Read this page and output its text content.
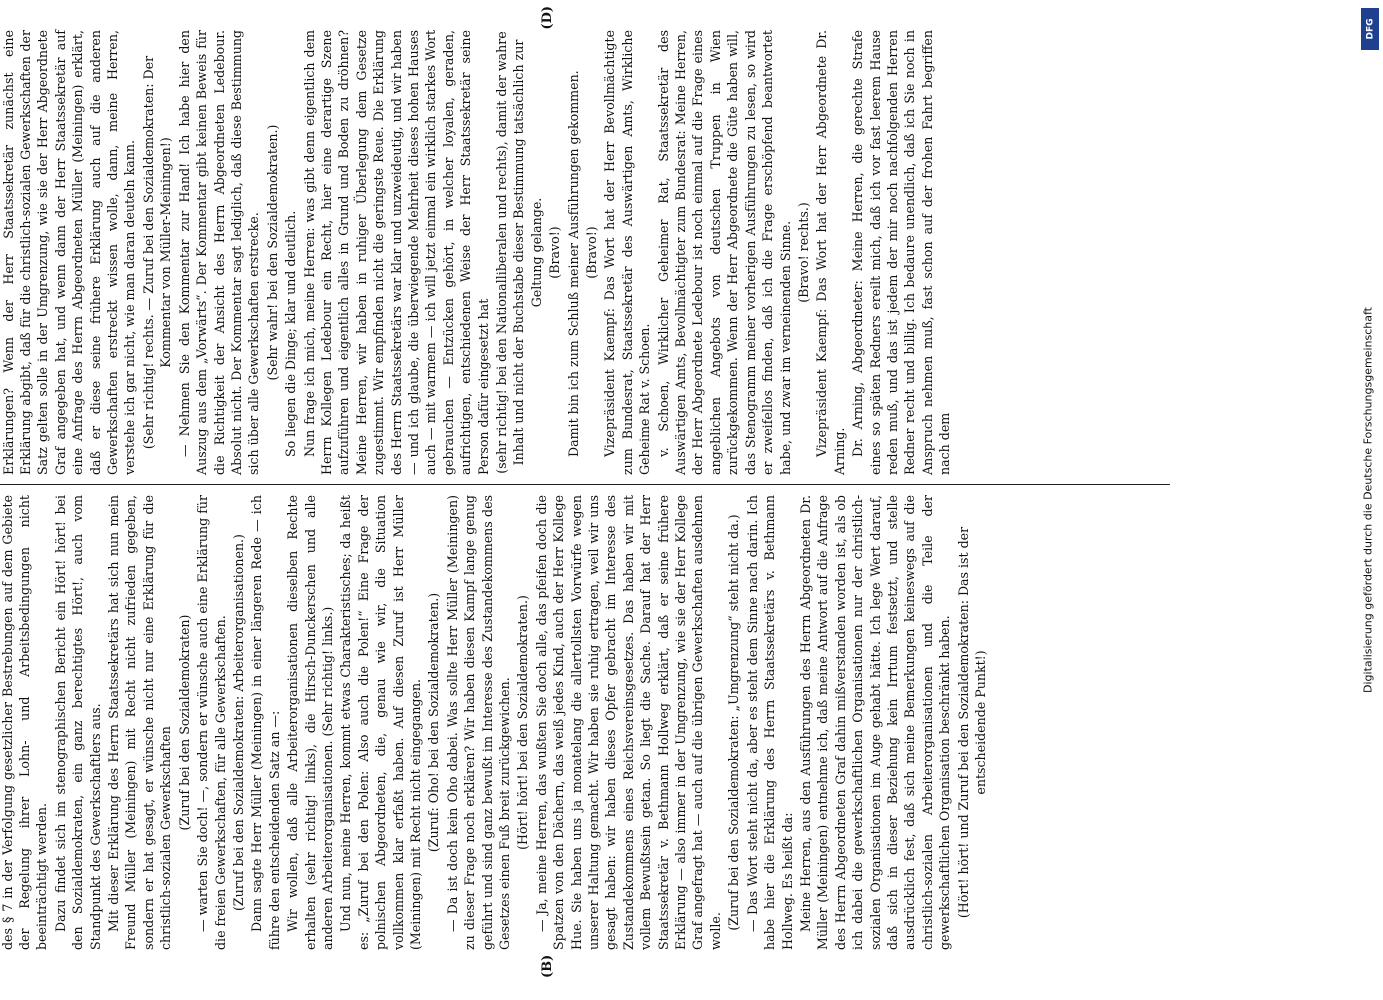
(B)
(D)

des § 7 in der Verfolgung gesetzlicher Bestrebungen auf dem Gebiete der Regelung ihrer Lohn- und Arbeitsbedingungen nicht beeinträchtigt werden. Dazu findet sich im stenographischen Bericht ein Hört! hört! bei den Sozialdemokraten, ein ganz berechtigtes Hört!, auch vom Standpunkt des Gewerkschaftlers aus. Mit dieser Erklärung des Herrn Staatssekretärs hat sich nun mein Freund Müller (Meiningen) mit Recht nicht zufrieden gegeben, sondern er hat gesagt, er wünsche nicht nur eine Erklärung für die christlich-sozialen Gewerkschaften

(Zuruf bei den Sozialdemokraten) — warten Sie doch! —, sondern er wünsche auch eine Erklärung für die freien Gewerkschaften, für alle Gewerkschaften. (Zuruf bei den Sozialdemokraten: Arbeiterorganisationen.) Dann sagte Herr Müller (Meiningen) in einer längeren Rede — ich führe den entscheidenden Satz an —: Wir wollen, daß alle Arbeiterorganisationen dieselben Rechte erhalten (sehr richtig! links), die Hirsch-Dunckerschen und alle anderen Arbeiterorganisationen. (Sehr richtig! links.) Und nun, meine Herren, kommt etwas Charakteristisches; da heißt es: „Zuruf bei den Polen: Also auch die Polen!“ Eine Frage der polnischen Abgeordneten, die, genau wie wir, die Situation vollkommen klar erfaßt haben. Auf diesen Zuruf ist Herr Müller (Meiningen) mit Recht nicht eingegangen. (Zuruf: Oho! bei den Sozialdemokraten.) — Da ist doch kein Oho dabei. Was sollte Herr Müller (Meiningen) zu dieser Frage noch erklären? Wir haben diesen Kampf lange genug geführt und sind ganz bewußt im Interesse des Zustandekommens des Gesetzes einen Fuß breit zurückgewichen. (Hört! hört! bei den Sozialdemokraten.) — Ja, meine Herren, das wußten Sie doch alle, das pfeifen doch die Spatzen von den Dächern, das weiß jedes Kind, auch der Herr Kollege Hue. Sie haben uns ja monatelang die allertollsten Vorwürfe wegen unserer Haltung gemacht. Wir haben sie ruhig ertragen, weil wir uns gesagt haben: wir haben dieses Opfer gebracht im Interesse des Zustandekommens eines Reichsvereinsgesetzes. Das haben wir mit vollem Bewußtsein getan. So liegt die Sache. Darauf hat der Herr Staatssekretär v. Bethmann Hollweg erklärt, daß er seine frühere Erklärung — also immer in der Umgrenzung, wie sie der Herr Kollege Graf angefragt hat — auch auf die übrigen Gewerkschaften ausdehnen wolle.

(Zuruf bei den Sozialdemokraten: „Umgrenzung“ steht nicht da.) — Das Wort steht nicht da, aber es steht dem Sinne nach darin. Ich habe hier die Erklärung des Herrn Staatssekretärs v. Bethmann Hollweg. Es heißt da: Meine Herren, aus den Ausführungen des Herrn Abgeordneten Dr. Müller (Meiningen) entnehme ich, daß meine Antwort auf die Anfrage des Herrn Abgeordneten Graf dahin mißverstanden worden ist, als ob ich dabei die gewerkschaftlichen Organisationen nur der christlich-sozialen Organisationen im Auge gehabt hätte. Ich lege Wert darauf, daß sich in dieser Beziehung kein Irrtum festsetzt, und stelle ausdrücklich fest, daß sich meine Bemerkungen keineswegs auf die christlich-sozialen Arbeiterorganisationen und die Teile der gewerkschaftlichen Organisation beschränkt haben. (Hört! hört! und Zuruf bei den Sozialdemokraten: Das ist der entscheidende Punkt!)

Erklärungen? Wenn der Herr Staatssekretär zunächst eine Erklärung abgibt, daß für die christlich-sozialen Gewerkschaften der Satz gelten solle in der Umgrenzung, wie sie der Herr Abgeordnete Graf angegeben hat, und wenn dann der Herr Staatssekretär auf eine Anfrage des Herrn Abgeordneten Müller (Meiningen) erklärt, daß er diese seine frühere Erklärung auch auf die anderen Gewerkschaften erstreckt wissen wolle, dann, meine Herren, verstehe ich gar nicht, wie man daran deuteln kann. (Sehr richtig! rechts. — Zuruf bei den Sozialdemokraten: Der Kommentar von Müller-Meiningen!) — Nehmen Sie den Kommentar zur Hand! Ich habe hier den Auszug aus dem „Vorwärts“. Der Kommentar gibt keinen Beweis für die Richtigkeit der Ansicht des Herrn Abgeordneten Ledebour. Absolut nicht. Der Kommentar sagt lediglich, daß diese Bestimmung sich über alle Gewerkschaften erstrecke. (Sehr wahr! bei den Sozialdemokraten.) So liegen die Dinge; klar und deutlich. Nun frage ich mich, meine Herren: was gibt denn eigentlich dem Herrn Kollegen Ledebour ein Recht, hier eine derartige Szene aufzuführen und eigentlich alles in Grund und Boden zu dröhnen? Meine Herren, wir haben in ruhiger Überlegung dem Gesetze zugestimmt. Wir empfinden nicht die geringste Reue. Die Erklärung des Herrn Staatssekretärs war klar und unzweideutig, und wir haben — und ich glaube, die überwiegende Mehrheit dieses hohen Hauses auch — mit warmem — ich will jetzt einmal ein wirklich starkes Wort gebrauchen — Entzücken gehört, in welcher loyalen, geraden, aufrichtigen, entschiedenen Weise der Herr Staatssekretär seine Person dafür eingesetzt hat (sehr richtig! bei den Nationalliberalen und rechts), damit der wahre Inhalt und nicht der Buchstabe dieser Bestimmung tatsächlich zur Geltung gelange. (Bravo!) Damit bin ich zum Schluß meiner Ausführungen gekommen. (Bravo!) Vizepräsident Kaempf: Das Wort hat der Herr Bevollmächtigte zum Bundesrat, Staatssekretär des Auswärtigen Amts, Wirkliche Geheime Rat v. Schoen. v. Schoen, Wirklicher Geheimer Rat, Staatssekretär des Auswärtigen Amts, Bevollmächtigter zum Bundesrat: Meine Herren, der Herr Abgeordnete Ledebour ist noch einmal auf die Frage eines angeblichen Angebots von deutschen Truppen in Wien zurückgekommen. Wenn der Herr Abgeordnete die Güte haben will, das Stenogramm meiner vorherigen Ausführungen zu lesen, so wird er zweifellos finden, daß ich die Frage erschöpfend beantwortet habe, und zwar im verneinenden Sinne. (Bravo! rechts.) Vizepräsident Kaempf: Das Wort hat der Herr Abgeordnete Dr. Arning. Dr. Arning, Abgeordneter: Meine Herren, die gerechte Strafe eines so späten Redners ereilt mich, daß ich vor fast leerem Hause reden muß, und das ist jedem der mir noch nachfolgenden Herren Redner recht und billig. Ich bedaure unendlich, daß ich Sie noch in Anspruch nehmen muß, fast schon auf der frohen Fahrt begriffen nach dem

DFG
Digitalisierung gefördert durch die Deutsche Forschungsgemeinschaft
